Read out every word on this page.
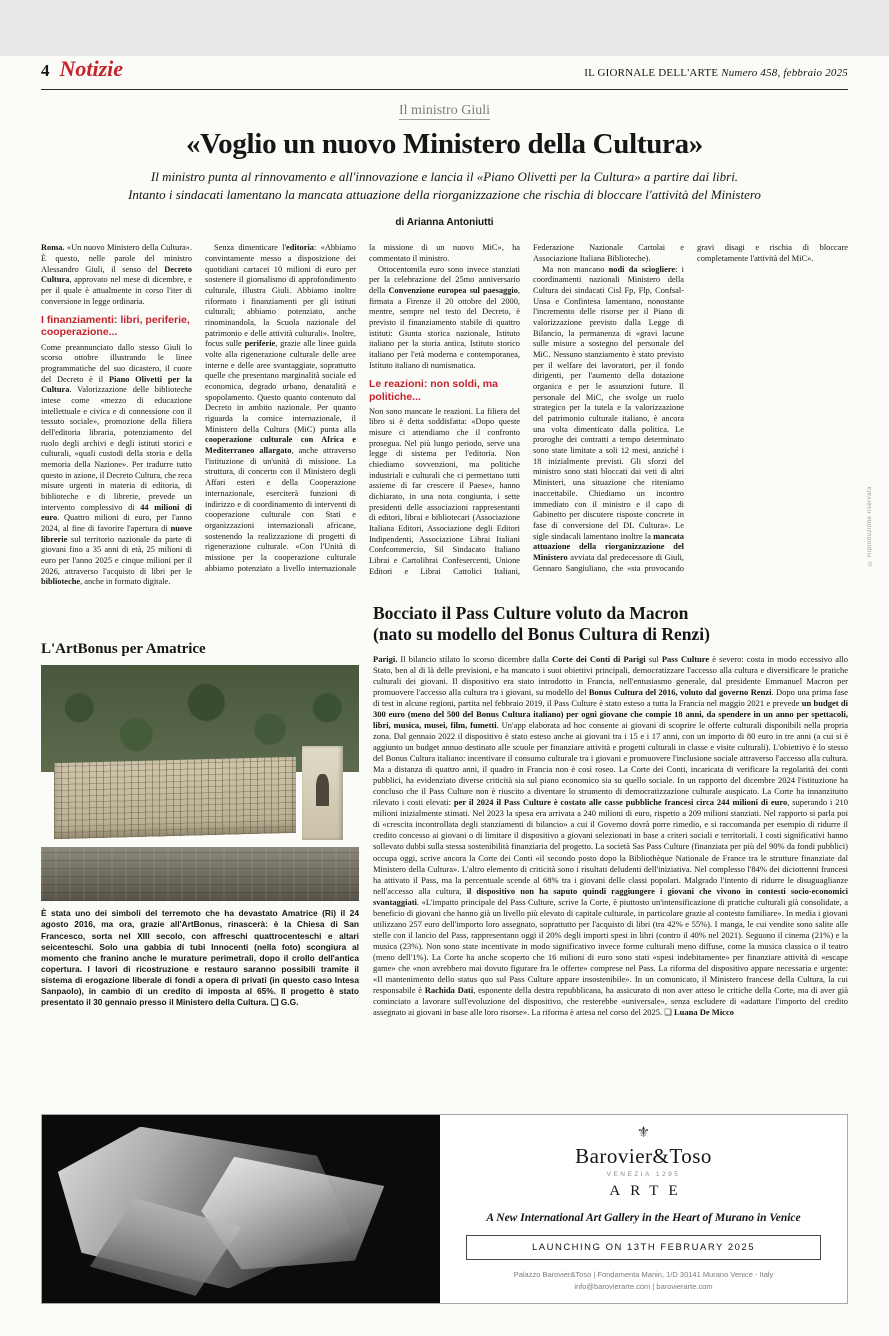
4 Notizie	IL GIORNALE DELL'ARTE Numero 458, febbraio 2025
Il ministro Giuli
«Voglio un nuovo Ministero della Cultura»

Il ministro punta al rinnovamento e all'innovazione e lancia il «Piano Olivetti per la Cultura» a partire dai libri.
Intanto i sindacati lamentano la mancata attuazione della riorganizzazione che rischia di bloccare l'attività del Ministero

di Arianna Antoniutti

Roma. «Un nuovo Ministero della Cultura». È questo, nelle parole del ministro Alessandro Giuli, il senso del Decreto Cultura, approvato nel mese di dicembre, e per il quale è attualmente in corso l'iter di conversione in legge ordinaria.

I finanziamenti: libri, periferie, cooperazione...

Come preannunciato dallo stesso Giuli lo scorso ottobre illustrando le linee programmatiche del suo dicastero, il cuore del Decreto è il Piano Olivetti per la Cultura. Valorizzazione delle biblioteche intese come «mezzo di educazione intellettuale e civica e di connessione con il tessuto sociale», promozione della filiera dell'editoria libraria, potenziamento del ruolo degli archivi e degli istituti storici e culturali, «quali custodi della storia e della memoria della Nazione». Per tradurre tutto questo in azione, il Decreto Cultura, che reca misure urgenti in materia di editoria, di biblioteche e di librerie, prevede un intervento complessivo di 44 milioni di euro. Quattro milioni di euro, per l'anno 2024, al fine di favorire l'apertura di nuove librerie sul territorio nazionale da parte di giovani fino a 35 anni di età, 25 milioni di euro per l'anno 2025 e cinque milioni per il 2026, attraverso l'acquisto di libri per le biblioteche, anche in formato digitale.

Senza dimenticare l'editoria: «Abbiamo convintamente messo a disposizione dei quotidiani cartacei 10 milioni di euro per sostenere il giornalismo di approfondimento culturale, illustra Giuli. Abbiamo inoltre riformato i finanziamenti per gli istituti culturali; abbiamo potenziato, anche rinominandola, la Scuola nazionale del patrimonio e delle attività culturali». Inoltre, focus sulle periferie, grazie alle linee guida volte alla rigenerazione culturale delle aree interne e delle aree svantaggiate, soprattutto quelle che presentano marginalità sociale ed economica, degrado urbano, denatalità e spopolamento. Questo quanto contenuto dal Decreto in ambito nazionale. Per quanto riguarda la cornice internazionale, il Ministero della Cultura (MiC) punta alla cooperazione culturale con Africa e Mediterraneo allargato, anche attraverso l'istituzione di un'unità di missione. La struttura, di concerto con il Ministero degli Affari esteri e della Cooperazione internazionale, eserciterà funzioni di indirizzo e di coordinamento di interventi di cooperazione culturale con Stati e organizzazioni internazionali africane, sostenendo la realizzazione di progetti di rigenerazione culturale. «Con l'Unità di missione per la cooperazione culturale abbiamo potenziato a livello internazionale la missione di un nuovo MiC», ha commentato il ministro.

Ottocentomila euro sono invece stanziati per la celebrazione del 25mo anniversario della Convenzione europea sul paesaggio, firmata a Firenze il 20 ottobre del 2000, mentre, sempre nel testo del Decreto, è previsto il finanziamento stabile di quattro istituti: Giunta storica nazionale, Istituto italiano per la storia antica, Istituto storico italiano per l'età moderna e contemporanea, Istituto italiano di numismatica.

Le reazioni: non soldi, ma politiche...

Non sono mancate le reazioni. La filiera del libro si è detta soddisfatta: «Dopo queste misure ci attendiamo che il confronto prosegua. Nel più lungo periodo, serve una legge di sistema per l'editoria. Non chiediamo sovvenzioni, ma politiche industriali e culturali che ci permettano tutti assieme di far crescere il Paese», hanno dichiarato, in una nota congiunta, i sette presidenti delle associazioni rappresentanti di editori, librai e bibliotecari (Associazione Italiana Editori, Associazione degli Editori Indipendenti, Associazione Librai Italiani Confcommercio, Sil Sindacato Italiano Librai e Cartolibrai Confesercenti, Unione Editori e Librai Cattolici Italiani, Federazione Nazionale Cartolai e Associazione Italiana Biblioteche).

Ma non mancano nodi da sciogliere: i coordinamenti nazionali Ministero della Cultura dei sindacati Cisl Fp, Flp, Confsal-Unsa e Confintesa lamentano, nonostante l'incremento delle risorse per il Piano di valorizzazione previsto dalla Legge di Bilancio, la permanenza di «gravi lacune sulle misure a sostegno del personale del MiC. Nessuno stanziamento è stato previsto per il welfare dei lavoratori, per il fondo dirigenti, per l'aumento della dotazione organica e per le assunzioni future. Il personale del MiC, che svolge un ruolo strategico per la tutela e la valorizzazione del patrimonio culturale italiano, è ancora una volta dimenticato dalla politica. Le proroghe dei contratti a tempo determinato sono state limitate a soli 12 mesi, anziché i 18 inizialmente previsti. Gli sforzi del ministro sono stati bloccati dai veti di altri Ministeri, una situazione che riteniamo inaccettabile. Chiediamo un incontro immediato con il ministro e il capo di Gabinetto per discutere risposte concrete in fase di conversione del DL Cultura». Le sigle sindacali lamentano inoltre la mancata attuazione della riorganizzazione del Ministero avviata dal predecessore di Giuli, Gennaro Sangiuliano, che «sta provocando gravi disagi e rischia di bloccare completamente l'attività del MiC».

© Riproduzione riservata
L'ArtBonus per Amatrice
È stata uno dei simboli del terremoto che ha devastato Amatrice (Ri) il 24 agosto 2016, ma ora, grazie all'ArtBonus, rinascerà: è la Chiesa di San Francesco, sorta nel XIII secolo, con affreschi quattrocenteschi e altari seicenteschi. Solo una gabbia di tubi Innocenti (nella foto) scongiura al momento che franino anche le murature perimetrali, dopo il crollo dell'antica copertura. I lavori di ricostruzione e restauro saranno possibili tramite il sistema di erogazione liberale di fondi a opera di privati (in questo caso Intesa Sanpaolo), in cambio di un credito di imposta al 65%. Il progetto è stato presentato il 30 gennaio presso il Ministero della Cultura. ❑ G.G.
Bocciato il Pass Culture voluto da Macron
(nato su modello del Bonus Cultura di Renzi)
Parigi. Il bilancio stilato lo scorso dicembre dalla Corte dei Conti di Parigi sul Pass Culture è severo: costa in modo eccessivo allo Stato, ben al di là delle previsioni, e ha mancato i suoi obiettivi principali, democratizzare l'accesso alla cultura e diversificare le pratiche culturali dei giovani. Il dispositivo era stato introdotto in Francia, nell'entusiasmo generale, dal presidente Emmanuel Macron per promuovere l'accesso alla cultura tra i giovani, su modello del Bonus Cultura del 2016, voluto dal governo Renzi. Dopo una prima fase di test in alcune regioni, partita nel febbraio 2019, il Pass Culture è stato esteso a tutta la Francia nel maggio 2021 e prevede un budget di 300 euro (meno del 500 del Bonus Cultura italiano) per ogni giovane che compie 18 anni, da spendere in un anno per spettacoli, libri, musica, musei, film, fumetti. Un'app elaborata ad hoc consente ai giovani di scoprire le offerte culturali disponibili nella propria zona. Dal gennaio 2022 il dispositivo è stato esteso anche ai giovani tra i 15 e i 17 anni, con un importo di 80 euro in tre anni (a cui si è aggiunto un budget annuo destinato alle scuole per finanziare attività e progetti culturali in classe e visite culturali). L'obiettivo è lo stesso del Bonus Cultura italiano: incentivare il consumo culturale tra i giovani e promuovere l'inclusione sociale attraverso l'accesso alla cultura. Ma a distanza di quattro anni, il quadro in Francia non è così roseo. La Corte dei Conti, incaricata di verificare la regolarità dei conti pubblici, ha evidenziato diverse criticità sia sul piano economico sia su quello sociale. In un rapporto del dicembre 2024 l'istituzione ha concluso che il Pass Culture non è riuscito a diventare lo strumento di democratizzazione culturale auspicato. La Corte ha innanzitutto rilevato i costi elevati: per il 2024 il Pass Culture è costato alle casse pubbliche francesi circa 244 milioni di euro, superando i 210 milioni inizialmente stimati. Nel 2023 la spesa era arrivata a 240 milioni di euro, rispetto a 209 milioni stanziati. Nel rapporto si parla poi di «crescita incontrollata degli stanziamenti di bilancio» a cui il Governo dovrà porre rimedio, e si raccomanda per esempio di ridurre il credito concesso ai giovani o di limitare il dispositivo a giovani selezionati in base a criteri sociali e territoriali. I costi significativi hanno sollevato dubbi sulla stessa sostenibilità finanziaria del progetto. La società Sas Pass Culture (finanziata per più del 90% da fondi pubblici) occupa oggi, scrive ancora la Corte dei Conti «il secondo posto dopo la Bibliothèque Nationale de France tra le strutture finanziate dal Ministero della Cultura». L'altro elemento di criticità sono i risultati deludenti dell'iniziativa. Nel complesso l'84% dei diciottenni francesi ha attivato il Pass, ma la percentuale scende al 68% tra i giovani delle classi popolari. Malgrado l'intento di ridurre le disuguaglianze nell'accesso alla cultura, il dispositivo non ha saputo quindi raggiungere i giovani che vivono in contesti socio-economici svantaggiati. «L'impatto principale del Pass Culture, scrive la Corte, è piuttosto un'intensificazione di pratiche culturali già consolidate, a beneficio di giovani che hanno già un livello più elevato di capitale culturale, in particolare grazie al contesto familiare». In media i giovani utilizzano 257 euro dell'importo loro assegnato, soprattutto per l'acquisto di libri (tra 42% e 55%). I manga, le cui vendite sono salite alle stelle con il lancio del Pass, rappresentano oggi il 20% degli importi spesi in libri (contro il 40% nel 2021). Seguono il cinema (21%) e la musica (23%). Non sono state incentivate in modo significativo invece forme culturali meno diffuse, come la musica classica o il teatro (meno dell'1%). La Corte ha anche scoperto che 16 milioni di euro sono stati «spesi indebitamente» per finanziare attività di «escape game» che «non avrebbero mai dovuto figurare fra le offerte» comprese nel Pass. La riforma del dispositivo appare necessaria e urgente: «Il mantenimento dello status quo sul Pass Culture appare insostenibile». In un comunicato, il Ministero francese della Cultura, la cui responsabile è Rachida Dati, esponente della destra repubblicana, ha assicurato di non aver atteso le critiche della Corte, ma di aver già cominciato a lavorare sull'evoluzione del dispositivo, che resterebbe «universale», senza escludere di «adattare l'importo del credito assegnato ai giovani in base alle loro risorse». La riforma è attesa nel corso del 2025. ❑ Luana De Micco
⚜
Barovier&Toso
VENEZIA 1295
ARTE
A New International Art Gallery in the Heart of Murano in Venice
LAUNCHING ON 13TH FEBRUARY 2025
Palazzo Barovier&Toso | Fondamenta Manin, 1/D 30141 Murano Venice - Italy
info@barovierarte.com | barovierarte.com
